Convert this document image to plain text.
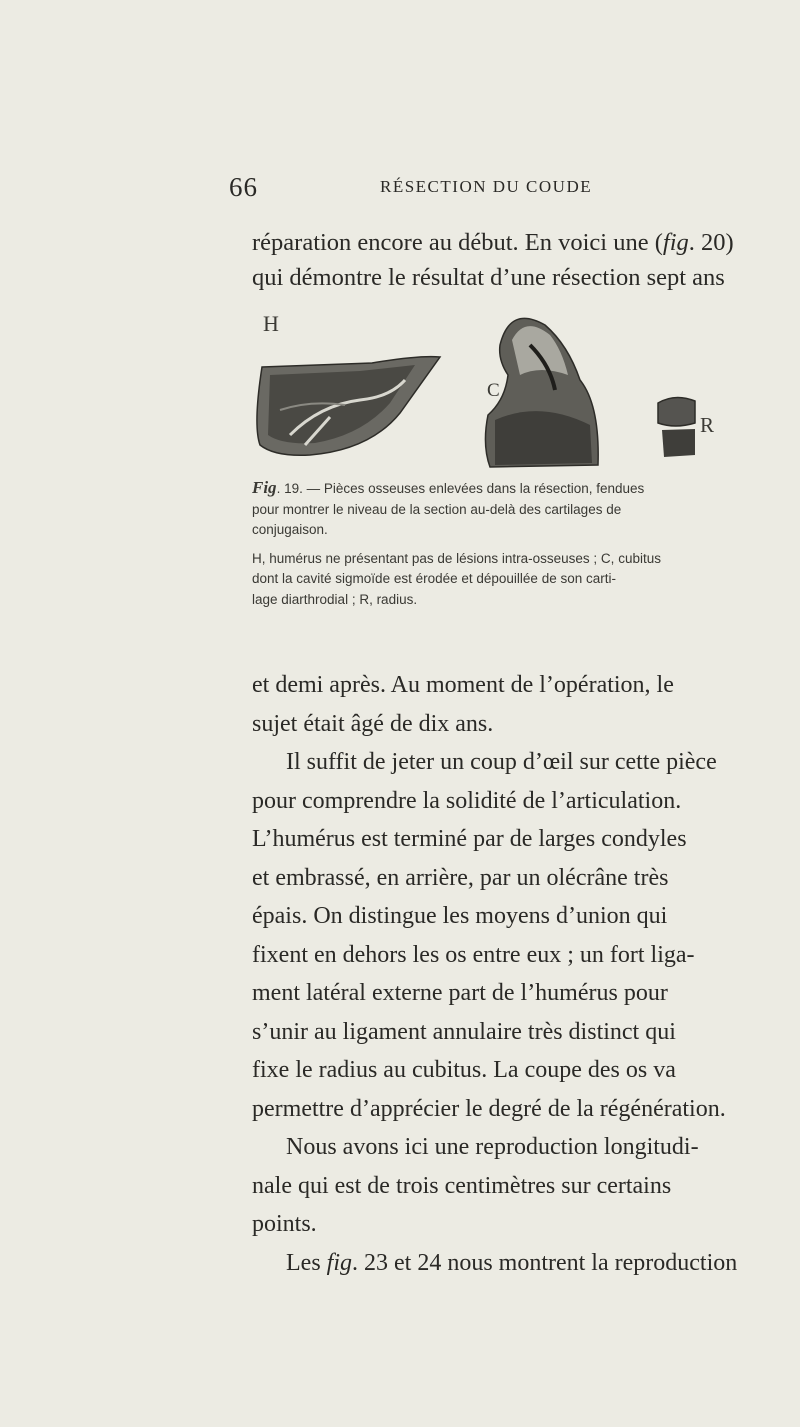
66	RÉSECTION DU COUDE
réparation encore au début. En voici une (fig. 20)
qui démontre le résultat d’une résection sept ans
H
C
R
Fig. 19. — Pièces osseuses enlevées dans la résection, fendues
pour montrer le niveau de la section au-delà des cartilages de
conjugaison.
H, humérus ne présentant pas de lésions intra-osseuses ; C, cubitus
dont la cavité sigmoïde est érodée et dépouillée de son carti-
lage diarthrodial ; R, radius.
et demi après. Au moment de l’opération, le
sujet était âgé de dix ans.
Il suffit de jeter un coup d’œil sur cette pièce
pour comprendre la solidité de l’articulation.
L’humérus est terminé par de larges condyles
et embrassé, en arrière, par un olécrâne très
épais. On distingue les moyens d’union qui
fixent en dehors les os entre eux ; un fort liga-
ment latéral externe part de l’humérus pour
s’unir au ligament annulaire très distinct qui
fixe le radius au cubitus. La coupe des os va
permettre d’apprécier le degré de la régénération.
Nous avons ici une reproduction longitudi-
nale qui est de trois centimètres sur certains
points.
Les fig. 23 et 24 nous montrent la reproduction
